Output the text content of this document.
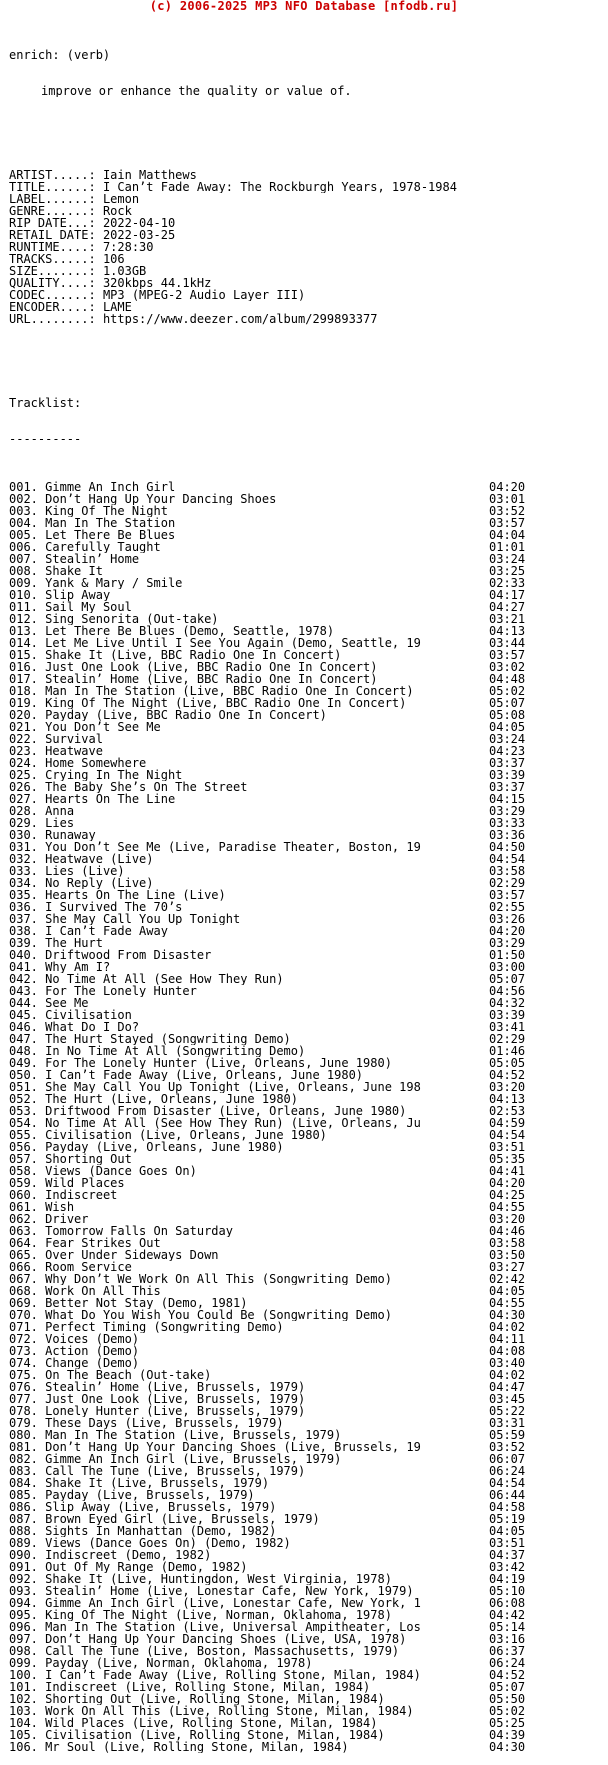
(c) 2006-2025 MP3 NFO Database [nfodb.ru]

enrich: (verb)

improve or enhance the quality or value of.

ARTIST.....: Iain Matthews
TITLE......: I Can’t Fade Away: The Rockburgh Years, 1978-1984
LABEL......: Lemon
GENRE......: Rock
RIP DATE...: 2022-04-10
RETAIL DATE: 2022-03-25
RUNTIME....: 7:28:30
TRACKS.....: 106
SIZE.......: 1.03GB
QUALITY....: 320kbps 44.1kHz
CODEC......: MP3 (MPEG-2 Audio Layer III)
ENCODER....: LAME
URL........: https://www.deezer.com/album/299893377

Tracklist:

----------

001. Gimme An Inch Girl	04:20
002. Don’t Hang Up Your Dancing Shoes	03:01
003. King Of The Night	03:52
004. Man In The Station	03:57
005. Let There Be Blues	04:04
006. Carefully Taught	01:01
007. Stealin’ Home	03:24
008. Shake It	03:25
009. Yank & Mary / Smile	02:33
010. Slip Away	04:17
011. Sail My Soul	04:27
012. Sing Senorita (Out-take)	03:21
013. Let There Be Blues (Demo, Seattle, 1978)	04:13
014. Let Me Live Until I See You Again (Demo, Seattle, 19	03:44
015. Shake It (Live, BBC Radio One In Concert)	03:57
016. Just One Look (Live, BBC Radio One In Concert)	03:02
017. Stealin’ Home (Live, BBC Radio One In Concert)	04:48
018. Man In The Station (Live, BBC Radio One In Concert)	05:02
019. King Of The Night (Live, BBC Radio One In Concert)	05:07
020. Payday (Live, BBC Radio One In Concert)	05:08
021. You Don’t See Me	04:05
022. Survival	03:24
023. Heatwave	04:23
024. Home Somewhere	03:37
025. Crying In The Night	03:39
026. The Baby She’s On The Street	03:37
027. Hearts On The Line	04:15
028. Anna	03:29
029. Lies	03:33
030. Runaway	03:36
031. You Don’t See Me (Live, Paradise Theater, Boston, 19	04:50
032. Heatwave (Live)	04:54
033. Lies (Live)	03:58
034. No Reply (Live)	02:29
035. Hearts On The Line (Live)	03:57
036. I Survived The 70’s	02:55
037. She May Call You Up Tonight	03:26
038. I Can’t Fade Away	04:20
039. The Hurt	03:29
040. Driftwood From Disaster	01:50
041. Why Am I?	03:00
042. No Time At All (See How They Run)	05:07
043. For The Lonely Hunter	04:56
044. See Me	04:32
045. Civilisation	03:39
046. What Do I Do?	03:41
047. The Hurt Stayed (Songwriting Demo)	02:29
048. In No Time At All (Songwriting Demo)	01:46
049. For The Lonely Hunter (Live, Orleans, June 1980)	05:05
050. I Can’t Fade Away (Live, Orleans, June 1980)	04:52
051. She May Call You Up Tonight (Live, Orleans, June 198	03:20
052. The Hurt (Live, Orleans, June 1980)	04:13
053. Driftwood From Disaster (Live, Orleans, June 1980)	02:53
054. No Time At All (See How They Run) (Live, Orleans, Ju	04:59
055. Civilisation (Live, Orleans, June 1980)	04:54
056. Payday (Live, Orleans, June 1980)	03:51
057. Shorting Out	05:35
058. Views (Dance Goes On)	04:41
059. Wild Places	04:20
060. Indiscreet	04:25
061. Wish	04:55
062. Driver	03:20
063. Tomorrow Falls On Saturday	04:46
064. Fear Strikes Out	03:58
065. Over Under Sideways Down	03:50
066. Room Service	03:27
067. Why Don’t We Work On All This (Songwriting Demo)	02:42
068. Work On All This	04:05
069. Better Not Stay (Demo, 1981)	04:55
070. What Do You Wish You Could Be (Songwriting Demo)	04:30
071. Perfect Timing (Songwriting Demo)	04:02
072. Voices (Demo)	04:11
073. Action (Demo)	04:08
074. Change (Demo)	03:40
075. On The Beach (Out-take)	04:02
076. Stealin’ Home (Live, Brussels, 1979)	04:47
077. Just One Look (Live, Brussels, 1979)	03:45
078. Lonely Hunter (Live, Brussels, 1979)	05:22
079. These Days (Live, Brussels, 1979)	03:31
080. Man In The Station (Live, Brussels, 1979)	05:59
081. Don’t Hang Up Your Dancing Shoes (Live, Brussels, 19	03:52
082. Gimme An Inch Girl (Live, Brussels, 1979)	06:07
083. Call The Tune (Live, Brussels, 1979)	06:24
084. Shake It (Live, Brussels, 1979)	04:54
085. Payday (Live, Brussels, 1979)	06:44
086. Slip Away (Live, Brussels, 1979)	04:58
087. Brown Eyed Girl (Live, Brussels, 1979)	05:19
088. Sights In Manhattan (Demo, 1982)	04:05
089. Views (Dance Goes On) (Demo, 1982)	03:51
090. Indiscreet (Demo, 1982)	04:37
091. Out Of My Range (Demo, 1982)	03:42
092. Shake It (Live, Huntingdon, West Virginia, 1978)	04:19
093. Stealin’ Home (Live, Lonestar Cafe, New York, 1979)	05:10
094. Gimme An Inch Girl (Live, Lonestar Cafe, New York, 1	06:08
095. King Of The Night (Live, Norman, Oklahoma, 1978)	04:42
096. Man In The Station (Live, Universal Ampitheater, Los	05:14
097. Don’t Hang Up Your Dancing Shoes (Live, USA, 1978)	03:16
098. Call The Tune (Live, Boston, Massachusetts, 1979)	06:37
099. Payday (Live, Norman, Oklahoma, 1978)	06:24
100. I Can’t Fade Away (Live, Rolling Stone, Milan, 1984)	04:52
101. Indiscreet (Live, Rolling Stone, Milan, 1984)	05:07
102. Shorting Out (Live, Rolling Stone, Milan, 1984)	05:50
103. Work On All This (Live, Rolling Stone, Milan, 1984)	05:02
104. Wild Places (Live, Rolling Stone, Milan, 1984)	05:25
105. Civilisation (Live, Rolling Stone, Milan, 1984)	04:39
106. Mr Soul (Live, Rolling Stone, Milan, 1984)	04:30
